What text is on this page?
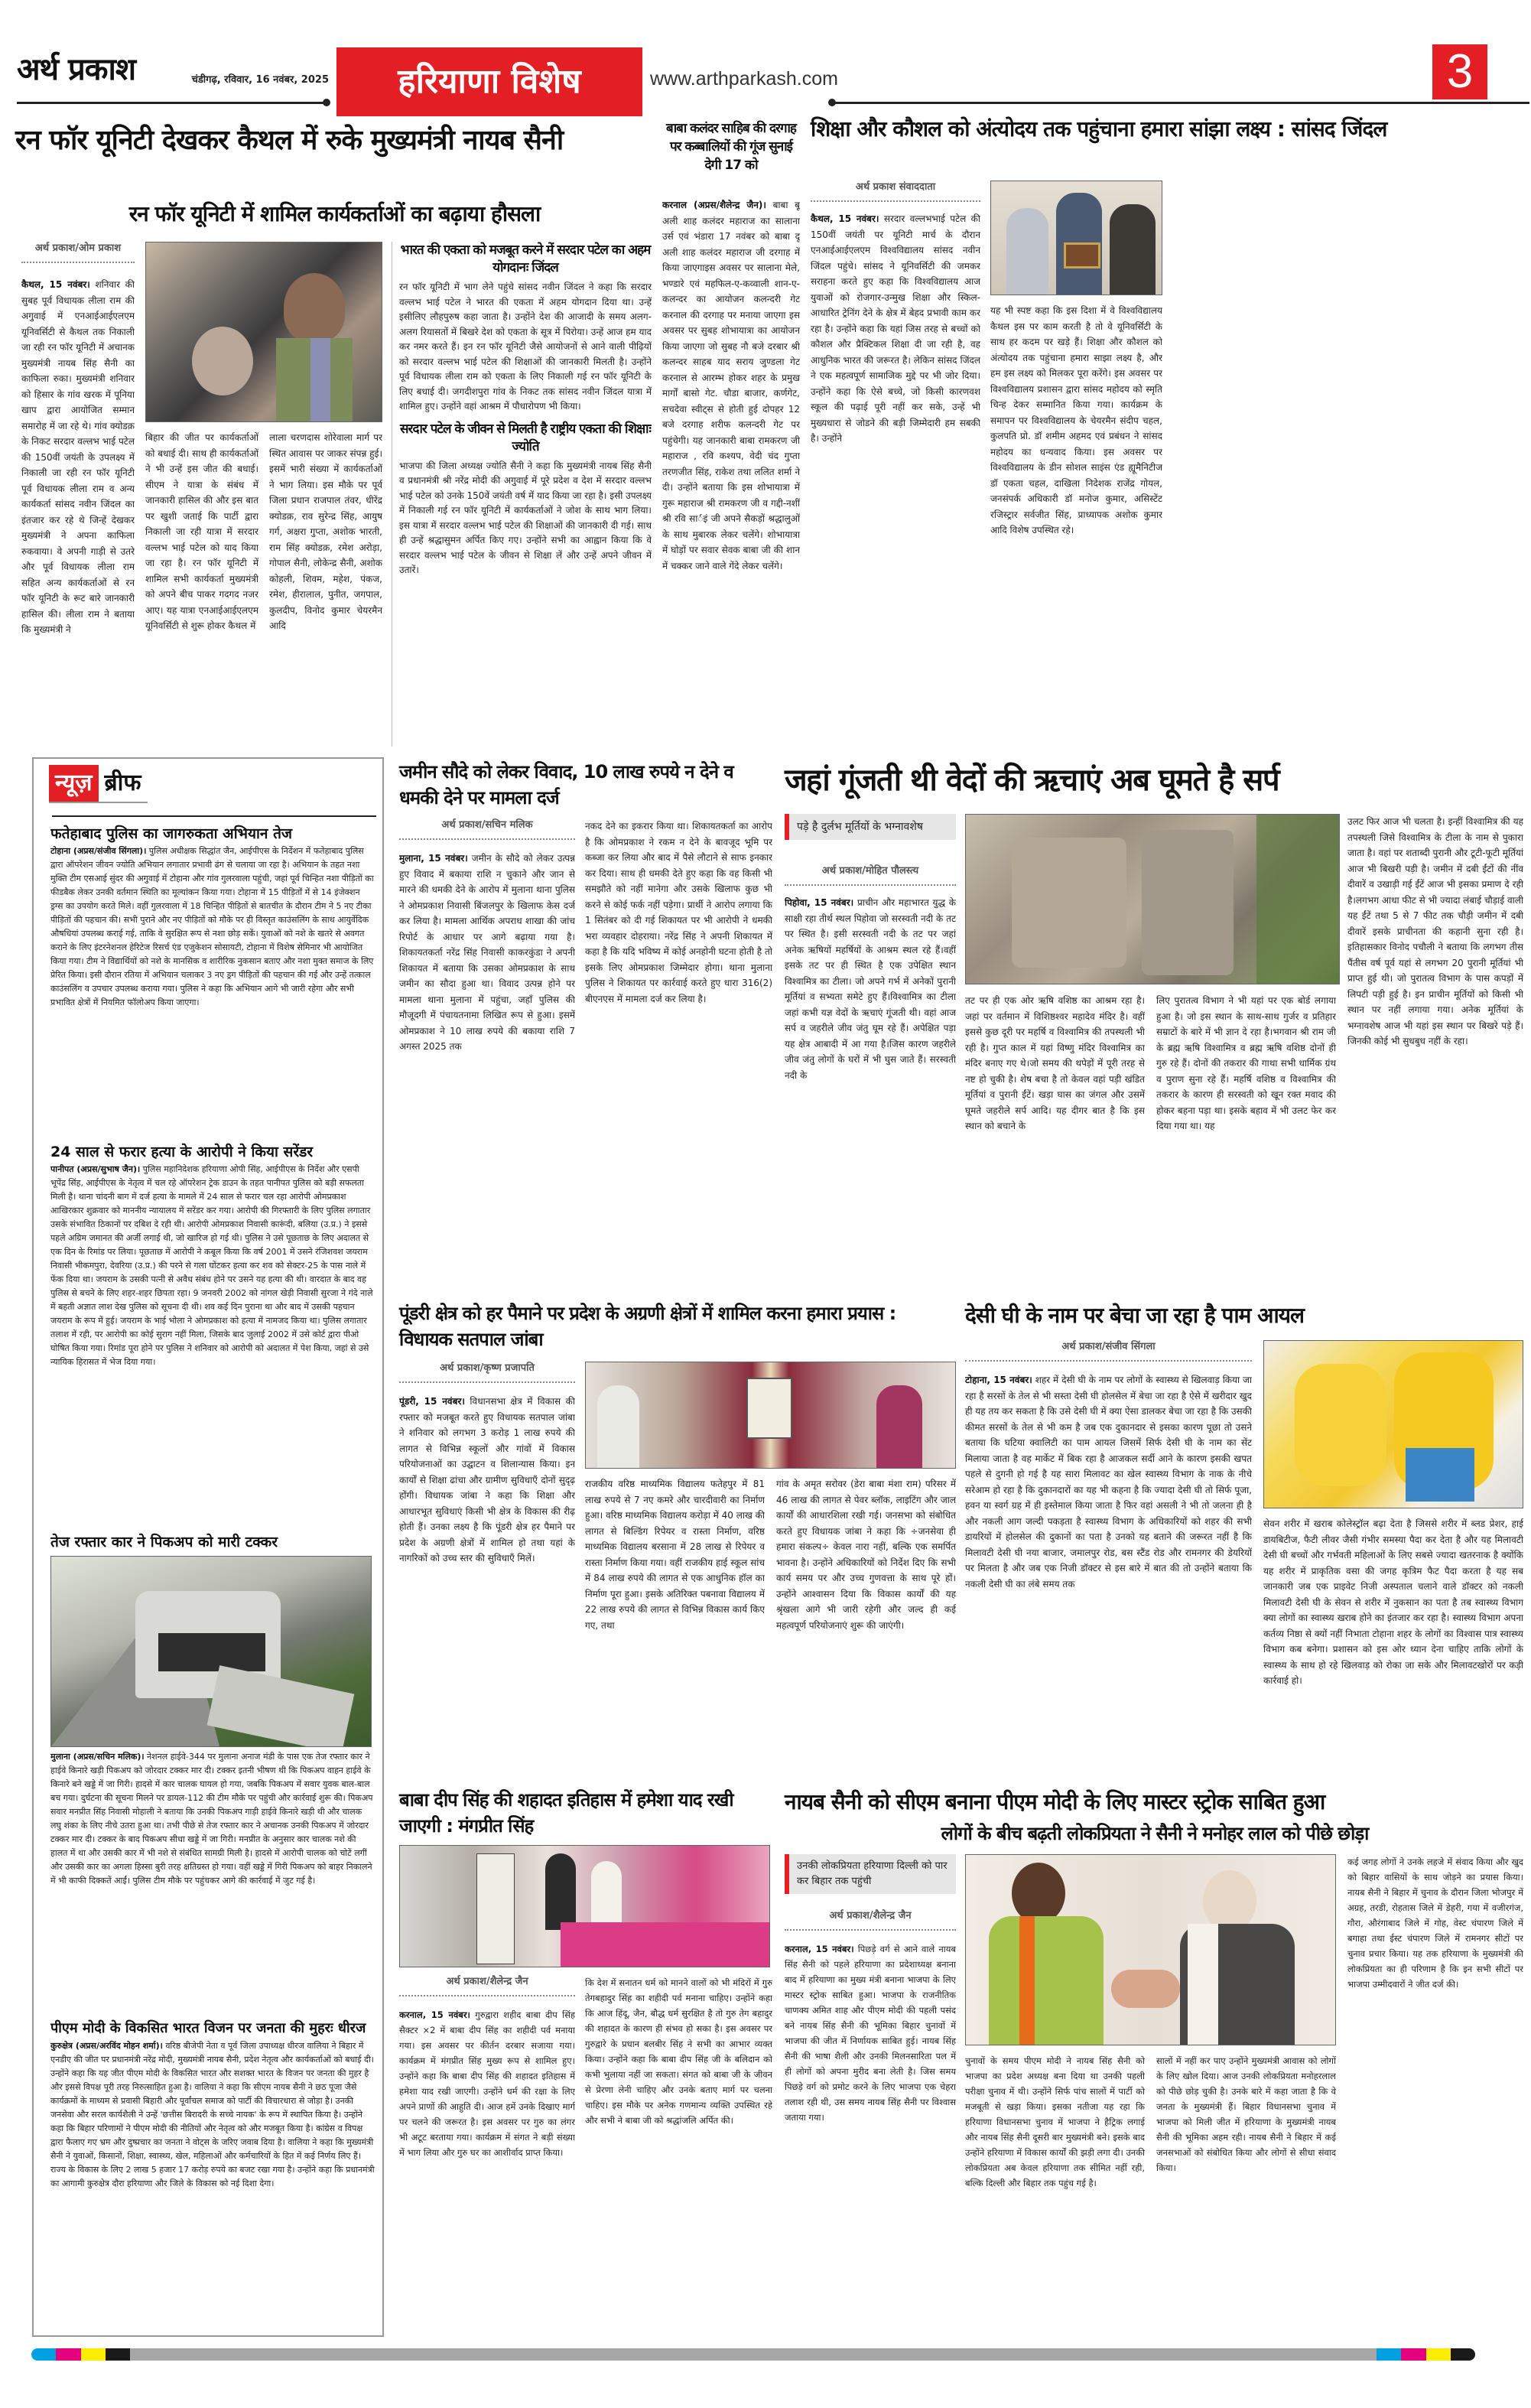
अर्थ प्रकाश	चंडीगढ़, रविवार, 16 नवंबर, 2025	हरियाणा विशेष	www.arthparkash.com	3
रन फॉर यूनिटी देखकर कैथल में रुके मुख्यमंत्री नायब सैनी
रन फॉर यूनिटी में शामिल कार्यकर्ताओं का बढ़ाया हौसला
अर्थ प्रकाश/ओम प्रकाश
कैथल, 15 नवंबर। शनिवार की सुबह पूर्व विधायक लीला राम की अगुवाई में एनआईआईएलएम यूनिवर्सिटी से कैथल तक निकाली जा रही रन फॉर यूनिटी में अचानक मुख्यमंत्री नायब सिंह सैनी का काफिला रुका। मुख्यमंत्री शनिवार को हिसार के गांव खरक में पूनिया खाप द्वारा आयोजित सम्मान समारोह में जा रहे थे। गांव क्योडक़ के निकट सरदार वल्लभ भाई पटेल की 150वीं जयंती के उपलक्ष्य में निकाली जा रही रन फॉर यूनिटी पूर्व विधायक लीला राम व अन्य कार्यकर्ता सांसद नवीन जिंदल का इंतजार कर रहे थे जिन्हें देखकर मुख्यमंत्री ने अपना काफिला रुकवाया। वे अपनी गाड़ी से उतरे और पूर्व विधायक लीला राम सहित अन्य कार्यकर्ताओं से रन फॉर यूनिटी के रूट बारे जानकारी हासिल की। लीला राम ने बताया कि मुख्यमंत्री ने
बिहार की जीत पर कार्यकर्ताओं को बधाई दी। साथ ही कार्यकर्ताओं ने भी उन्हें इस जीत की बधाई। सीएम ने यात्रा के संबंध में जानकारी हासिल की और इस बात पर खुशी जताई कि पार्टी द्वारा निकाली जा रही यात्रा में सरदार वल्लभ भाई पटेल को याद किया जा रहा है। रन फॉर यूनिटी में शामिल सभी कार्यकर्ता मुख्यमंत्री को अपने बीच पाकर गदगद नजर आए। यह यात्रा एनआईआईएलएम यूनिवर्सिटी से शुरू होकर कैथल में
लाला चरणदास शोरेवाला मार्ग पर स्थित आवास पर जाकर संपन्न हुई। इसमें भारी संख्या में कार्यकर्ताओं ने भाग लिया। इस मौके पर पूर्व जिला प्रधान राजपाल तंवर, धीरेंद्र क्योडक़, राव सुरेन्द्र सिंह, आयुष गर्ग, अक्षरा गुप्ता, अशोक भारती, राम सिंह क्योडक़, रमेश अरोड़ा, गोपाल सैनी, लोकेन्द्र सैनी, अशोक कोहली, शिवम, महेश, पंकज, रमेश, हीरालाल, पुनीत, जगपाल, कुलदीप, विनोद कुमार चेयरमैन आदि
भारत की एकता को मजबूत करने में सरदार पटेल का अहम योगदानः जिंदल
रन फॉर यूनिटी में भाग लेने पहुंचे सांसद नवीन जिंदल ने कहा कि सरदार वल्लभ भाई पटेल ने भारत की एकता में अहम योगदान दिया था। उन्हें इसीलिए लौहपुरुष कहा जाता है। उन्होंने देश की आजादी के समय अलग-अलग रियासतों में बिखरे देश को एकता के सूत्र में पिरोया। उन्हें आज हम याद कर नमर करते हैं। इन रन फॉर यूनिटी जैसे आयोजनों से आने वाली पीढ़ियों को सरदार वल्लभ भाई पटेल की शिक्षाओं की जानकारी मिलती है। उन्होंने पूर्व विधायक लीला राम को एकता के लिए निकाली गई रन फॉर यूनिटी के लिए बधाई दी। जगदीशपुरा गांव के निकट तक सांसद नवीन जिंदल यात्रा में शामिल हुए। उन्होंने वहां आश्रम में पौधारोपण भी किया।
सरदार पटेल के जीवन से मिलती है राष्ट्रीय एकता की शिक्षाः ज्योति
भाजपा की जिला अध्यक्ष ज्योति सैनी ने कहा कि मुख्यमंत्री नायब सिंह सैनी व प्रधानमंत्री श्री नरेंद्र मोदी की अगुवाई में पूरे प्रदेश व देश में सरदार वल्लभ भाई पटेल को उनके 150वें जयंती वर्ष में याद किया जा रहा है। इसी उपलक्ष्य में निकाली गई रन फॉर यूनिटी में कार्यकर्ताओं ने जोश के साथ भाग लिया। इस यात्रा में सरदार वल्लभ भाई पटेल की शिक्षाओं की जानकारी दी गई। साथ ही उन्हें श्रद्धासुमन अर्पित किए गए। उन्होंने सभी का आह्वान किया कि वे सरदार वल्लभ भाई पटेल के जीवन से शिक्षा लें और उन्हें अपने जीवन में उतारें।
बाबा कलंदर साहिब की दरगाह पर कब्बालियों की गूंज सुनाई देगी 17 को
करनाल (अप्रस/शैलेन्द्र जैन)। बाबा बू अली शाह कलंदर महाराज का सालाना उर्स एवं भंडारा 17 नवंबर को बाबा दू अली शाह कलंदर महाराज जी दरगाह में किया जाएगाइस अवसर पर सालाना मेले, भण्डारे एवं महफिल-ए-कव्वाली शान-ए-कलन्दर का आयोजन कलन्दरी गेट करनाल की दरगाह पर मनाया जाएगा इस अवसर पर सुबह शोभायात्रा का आयोजन किया जाएगा जो सुबह नौ बजे दरबार श्री कलन्दर साहब याद सराय जुण्डला गेट करनाल से आरम्भ होकर शहर के प्रमुख मार्गों बासो गेट. चौडा बाजार, कर्णगेट, सचदेवा स्वीट्स से होती हुई दोपहर 12 बजे दरगाह शरीफ कलन्दरी गेट पर पहुंचेगी। यह जानकारी बाबा रामकरण जी महाराज , रवि कश्यप, वेदी चंद गुप्ता तरणजीत सिंह, राकेश तथा ललित शर्मा ने दी। उन्होंने बताया कि इस शोभायात्रा में गुरू महाराज श्री रामकरण जी व गद्दी-नशीं श्री रवि सार्इं जी अपने सैकड़ों श्रद्धालुओं के साथ मुबारक लेकर चलेंगे। शोभायात्रा में घोड़ों पर सवार सेवक बाबा जी की शान में चक्कर जाने वाले गेंदे लेकर चलेंगे।
शिक्षा और कौशल को अंत्योदय तक पहुंचाना हमारा सांझा लक्ष्य : सांसद जिंदल
अर्थ प्रकाश संवाददाता
कैथल, 15 नवंबर। सरदार वल्लभभाई पटेल की 150वीं जयंती पर यूनिटी मार्च के दौरान एनआईआईएलएम विश्वविद्यालय सांसद नवीन जिंदल पहुंचे। सांसद ने यूनिवर्सिटी की जमकर सराहना करते हुए कहा कि विश्वविद्यालय आज युवाओं को रोजगार-उन्मुख शिक्षा और स्किल-आधारित ट्रेनिंग देने के क्षेत्र में बेहद प्रभावी काम कर रहा है। उन्होंने कहा कि यहां जिस तरह से बच्चों को कौशल और प्रैक्टिकल शिक्षा दी जा रही है, वह आधुनिक भारत की जरूरत है। लेकिन सांसद जिंदल ने एक महत्वपूर्ण सामाजिक मुद्दे पर भी जोर दिया। उन्होंने कहा कि ऐसे बच्चे, जो किसी कारणवश स्कूल की पढ़ाई पूरी नहीं कर सके, उन्हें भी मुख्यधारा से जोडने की बड़ी जिम्मेदारी हम सबकी है। उन्होंने
यह भी स्पष्ट कहा कि इस दिशा में वे विश्वविद्यालय कैथल इस पर काम करती है तो वे यूनिवर्सिटी के साथ हर कदम पर खड़े हैं। शिक्षा और कौशल को अंत्योदय तक पहुंचाना हमारा साझा लक्ष्य है, और हम इस लक्ष्य को मिलकर पूरा करेंगे। इस अवसर पर विश्वविद्यालय प्रशासन द्वारा सांसद महोदय को स्मृति चिन्ह देकर सम्मानित किया गया। कार्यक्रम के समापन पर विश्वविद्यालय के चेयरमैन संदीप चहल, कुलपति प्रो. डॉ शमीम अहमद एवं प्रबंधन ने सांसद महोदय का धन्यवाद किया। इस अवसर पर विश्वविद्यालय के डीन सोशल साइंस एंड ह्यूमैनिटीज डॉ एकता चहल, दाखिला निदेशक राजेंद्र गोयल, जनसंपर्क अधिकारी डॉ मनोज कुमार, असिस्टेंट रजिस्ट्रार सर्वजीत सिंह, प्राध्यापक अशोक कुमार आदि विशेष उपस्थित रहे।
न्यूज़ ब्रीफ
फतेहाबाद पुलिस का जागरुकता अभियान तेज
टोहाना (अप्रस/संजीव सिंगला)। पुलिस अधीक्षक सिद्धांत जैन, आईपीएस के निर्देशन में फतेहाबाद पुलिस द्वारा ऑपरेशन जीवन ज्योति अभियान लगातार प्रभावी ढंग से चलाया जा रहा है। अभियान के तहत नशा मुक्ति टीम एसआई सुंदर की अगुवाई में टोहाना और गांव गुलरवाला पहुंची, जहां पूर्व चिन्हित नशा पीड़ितों का फीडबैक लेकर उनकी वर्तमान स्थिति का मूल्यांकन किया गया। टोहाना में 15 पीड़ितों में से 14 इंजेक्शन ड्रग्स का उपयोग करते मिले। वहीं गुलरवाला में 18 चिन्हित पीड़ितों से बातचीत के दौरान टीम ने 5 नए टीका पीड़ितों की पहचान की। सभी पुराने और नए पीड़ितों को मौके पर ही विस्तृत काउंसलिंग के साथ आयुर्वेदिक औषधियां उपलब्ध कराई गई, ताकि वे सुरक्षित रूप से नशा छोड़ सकें। युवाओं को नशे के खतरे से अवगत कराने के लिए इंटरनेशनल हेरिटेज रिसर्च एंड एजुकेशन सोसायटी, टोहाना में विशेष सेमिनार भी आयोजित किया गया। टीम ने विद्यार्थियों को नशे के मानसिक व शारीरिक नुकसान बताए और नशा मुक्त समाज के लिए प्रेरित किया। इसी दौरान रतिया में अभियान चलाकर 3 नए ड्रग पीड़ितों की पहचान की गई और उन्हें तत्काल काउंसलिंग व उपचार उपलब्ध कराया गया। पुलिस ने कहा कि अभियान आगे भी जारी रहेगा और सभी प्रभावित क्षेत्रों में नियमित फॉलोअप किया जाएगा।
24 साल से फरार हत्या के आरोपी ने किया सरेंडर
पानीपत (अप्रस/सुभाष जैन)। पुलिस महानिदेशक हरियाणा ओपी सिंह, आईपीएस के निर्देश और एसपी भूपेंद्र सिंह, आईपीएस के नेतृत्व में चल रहे ऑपरेशन ट्रेक डाउन के तहत पानीपत पुलिस को बड़ी सफलता मिली है। थाना चांदनी बाग में दर्ज हत्या के मामले में 24 साल से फरार चल रहा आरोपी ओमप्रकाश आखिरकार शुक्रवार को माननीय न्यायालय में सरेंडर कर गया। आरोपी की गिरफ्तारी के लिए पुलिस लगातार उसके संभावित ठिकानों पर दबिश दे रही थी। आरोपी ओमप्रकाश निवासी कारूंदी, बलिया (उ.प्र.) ने इससे पहले अग्रिम जमानत की अर्जी लगाई थी, जो खारिज हो गई थी। पुलिस ने उसे पूछताछ के लिए अदालत से एक दिन के रिमांड पर लिया। पूछताछ में आरोपी ने कबूल किया कि वर्ष 2001 में उसने रंजिशवश जयराम निवासी भीकमपुरा, देवरिया (उ.प्र.) की परने से गला घोंटकर हत्या कर शव को सेक्टर-25 के पास नाले में फेंक दिया था। जयराम के उसकी पत्नी से अवैध संबंध होने पर उसने यह हत्या की थी। वारदात के बाद वह पुलिस से बचने के लिए शहर-शहर छिपता रहा। 9 जनवरी 2002 को नांगल खेड़ी निवासी सुरजा ने गंदे नाले में बहती अज्ञात लाश देख पुलिस को सूचना दी थी। शव कई दिन पुराना था और बाद में उसकी पहचान जयराम के रूप में हुई। जयराम के भाई भोला ने ओमप्रकाश को हत्या में नामजद किया था। पुलिस लगातार तलाश में रही, पर आरोपी का कोई सुराग नहीं मिला, जिसके बाद जुलाई 2002 में उसे कोर्ट द्वारा पीओ घोषित किया गया। रिमांड पूरा होने पर पुलिस ने शनिवार को आरोपी को अदालत में पेश किया, जहां से उसे न्यायिक हिरासत में भेज दिया गया।
तेज रफ्तार कार ने पिकअप को मारी टक्कर
मुलाना (अप्रस/सचिन मलिक)। नेशनल हाईवे-344 पर मुलाना अनाज मंडी के पास एक तेज रफ्तार कार ने हाईवे किनारे खड़ी पिकअप को जोरदार टक्कर मार दी। टक्कर इतनी भीषण थी कि पिकअप वाहन हाईवे के किनारे बने खड्डे में जा गिरी। हादसे में कार चालक घायल हो गया, जबकि पिकअप में सवार युवक बाल-बाल बच गया। दुर्घटना की सूचना मिलने पर डायल-112 की टीम मौके पर पहुंची और कार्रवाई शुरू की। पिकअप सवार मनप्रीत सिंह निवासी मोहाली ने बताया कि उनकी पिकअप गाड़ी हाईवे किनारे खड़ी थी और चालक लघु शंका के लिए नीचे उतरा हुआ था। तभी पीछे से तेज रफ्तार कार ने अचानक उनकी पिकअप में जोरदार टक्कर मार दी। टक्कर के बाद पिकअप सीधा खड्डे में जा गिरी। मनप्रीत के अनुसार कार चालक नशे की हालत में था और उसकी कार में भी नशे से संबंधित सामग्री मिली है। हादसे में आरोपी चालक को चोटें लगीं और उसकी कार का अगला हिस्सा बुरी तरह क्षतिग्रस्त हो गया। वहीं खड्डे में गिरी पिकअप को बाहर निकालने में भी काफी दिक्कतें आईं। पुलिस टीम मौके पर पहुंचकर आगे की कार्रवाई में जुट गई है।
पीएम मोदी के विकसित भारत विजन पर जनता की मुहरः धीरज
कुरुक्षेत्र (अप्रस/अरविंद मोहन शर्मा)। वरिष्ठ बीजेपी नेता व पूर्व जिला उपाध्यक्ष धीरज वालिया ने बिहार में एनडीए की जीत पर प्रधानमंत्री नरेंद्र मोदी, मुख्यमंत्री नायब सैनी, प्रदेश नेतृत्व और कार्यकर्ताओं को बधाई दी। उन्होंने कहा कि यह जीत पीएम मोदी के विकसित भारत और सशक्त भारत के विजन पर जनता की मुहर है और इससे विपक्ष पूरी तरह निरुत्साहित हुआ है। वालिया ने कहा कि सीएम नायब सैनी ने छठ पूजा जैसे कार्यक्रमों के माध्यम से प्रवासी बिहारी और पूर्वांचल समाज को पार्टी की विचारधारा से जोड़ा है। उनकी जनसेवा और सरल कार्यशैली ने उन्हें 'छत्तीस बिरादरी के सच्चे नायक' के रूप में स्थापित किया है। उन्होंने कहा कि बिहार परिणामों ने पीएम मोदी की नीतियों और नेतृत्व को और मजबूत किया है। कांग्रेस व विपक्ष द्वारा फैलाए गए भ्रम और दुष्प्रचार का जनता ने वोट्स के जरिए जवाब दिया है। वालिया ने कहा कि मुख्यमंत्री सैनी ने युवाओं, किसानों, शिक्षा, स्वास्थ्य, खेल, महिलाओं और कर्मचारियों के हित में कई निर्णय लिए हैं। राज्य के विकास के लिए 2 लाख 5 हजार 17 करोड़ रुपये का बजट रखा गया है। उन्होंने कहा कि प्रधानमंत्री का आगामी कुरुक्षेत्र दौरा हरियाणा और जिले के विकास को नई दिशा देगा।
जमीन सौदे को लेकर विवाद, 10 लाख रुपये न देने व धमकी देने पर मामला दर्ज
अर्थ प्रकाश/सचिन मलिक
मुलाना, 15 नवंबर। जमीन के सौदे को लेकर उत्पन्न हुए विवाद में बकाया राशि न चुकाने और जान से मारने की धमकी देने के आरोप में मुलाना थाना पुलिस ने ओमप्रकाश निवासी बिंजलपुर के खिलाफ केस दर्ज कर लिया है। मामला आर्थिक अपराध शाखा की जांच रिपोर्ट के आधार पर आगे बढ़ाया गया है। शिकायतकर्ता नरेंद्र सिंह निवासी काकरकुंडा ने अपनी शिकायत में बताया कि उसका ओमप्रकाश के साथ जमीन का सौदा हुआ था। विवाद उत्पन्न होने पर मामला थाना मुलाना में पहुंचा, जहाँ पुलिस की मौजूदगी में पंचायतनामा लिखित रूप से हुआ। इसमें ओमप्रकाश ने 10 लाख रुपये की बकाया राशि 7 अगस्त 2025 तक
नकद देने का इकरार किया था। शिकायतकर्ता का आरोप है कि ओमप्रकाश ने रकम न देने के बावजूद भूमि पर कब्जा कर लिया और बाद में पैसे लौटाने से साफ इनकार कर दिया। साथ ही धमकी देते हुए कहा कि वह किसी भी समझौते को नहीं मानेगा और उसके खिलाफ कुछ भी करने से कोई फर्क नहीं पड़ेगा। प्रार्थी ने आरोप लगाया कि 1 सितंबर को दी गई शिकायत पर भी आरोपी ने धमकी भरा व्यवहार दोहराया। नरेंद्र सिंह ने अपनी शिकायत में कहा है कि यदि भविष्य में कोई अनहोनी घटना होती है तो इसके लिए ओमप्रकाश जिम्मेदार होगा। थाना मुलाना पुलिस ने शिकायत पर कार्रवाई करते हुए धारा 316(2) बीएनएस में मामला दर्ज कर लिया है।
जहां गूंजती थी वेदों की ऋचाएं अब घूमते है सर्प
पड़े है दुर्लभ मूर्तियों के भग्नावशेष
अर्थ प्रकाश/मोहित पौलस्त्य
पिहोवा, 15 नवंबर। प्राचीन और महाभारत युद्ध के साक्षी रहा तीर्थ स्थल पिहोवा जो सरस्वती नदी के तट पर स्थित है। इसी सरस्वती नदी के तट पर जहां अनेक ऋषियों महर्षियों के आश्रम स्थल रहे हैं।वहीं इसके तट पर ही स्थित है एक उपेक्षित स्थान विश्वामित्र का टीला। जो अपने गर्भ में अनेकों पुरानी मूर्तियां व सभ्यता समेटे हुए हैं।विश्वामित्र का टीला जहां कभी यज्ञ वेदों के ऋचाएं गूंजती थी। वहां आज सर्प व जहरीले जीव जंतु घूम रहे हैं। अपेक्षित पड़ा यह क्षेत्र आबादी में आ गया है।जिस कारण जहरीले जीव जंतु लोगों के घरों में भी घुस जाते हैं। सरस्वती नदी के
तट पर ही एक ओर ऋषि वशिष्ठ का आश्रम रहा है। जहां पर वर्तमान में विशिष्ठश्वर महादेव मंदिर है। वहीं इससे कुछ दूरी पर महर्षि व विश्वामित्र की तपस्थली भी रही है। गुप्त काल में यहां विष्णु मंदिर विश्वामित्र का मंदिर बनाए गए थे।जो समय की थपेड़ों में पूरी तरह से नष्ट हो चुकी है। शेष बचा है तो केवल वहां पड़ी खंडित मूर्तियां व पुरानी ईंटें। खड़ा घास का जंगल और उसमें घूमते जहरीले सर्प आदि। यह दीगर बात है कि इस स्थान को बचाने के
लिए पुरातत्व विभाग ने भी यहां पर एक बोर्ड लगाया हुआ है। जो इस स्थान के साथ-साथ गुर्जर व प्रतिहार सम्राटों के बारे में भी ज्ञान दे रहा है।भगवान श्री राम जी के ब्रह्म ऋषि विश्वामित्र व ब्रह्म ऋषि वशिष्ठ दोनों ही गुरु रहे हैं। दोनों की तकरार की गाथा सभी धार्मिक ग्रंथ व पुराण सुना रहे हैं। महर्षि वशिष्ठ व विश्वामित्र की तकरार के कारण ही सरस्वती को खून रक्त मवाद की होकर बहना पड़ा था। इसके बहाव में भी उलट फेर कर दिया गया था। यह
उलट फिर आज भी चलता है। इन्हीं विश्वामित्र की यह तपस्थली जिसे विश्वामित्र के टीला के नाम से पुकारा जाता है। वहां पर शताब्दी पुरानी और टूटी-फूटी मूर्तियां आज भी बिखरी पड़ी है। जमीन में दबी ईंटों की नींव दीवारें व उखाड़ी गई ईंटें आज भी इसका प्रमाण दे रही है।लगभग आधा फीट से भी ज्यादा लंबाई चौड़ाई वाली यह ईंटें तथा 5 से 7 फीट तक चौड़ी जमीन में दबी दीवारें इसके प्राचीनता की कहानी सुना रही है। इतिहासकार विनोद पचौली ने बताया कि लगभग तीस पैंतीस वर्ष पूर्व यहां से लगभग 20 पुरानी मूर्तियां भी प्राप्त हुई थी। जो पुरातत्व विभाग के पास कपड़ों में लिपटी पड़ी हुई है। इन प्राचीन मूर्तियों को किसी भी स्थान पर नहीं लगाया गया। अनेक मूर्तियां के भग्नावशेष आज भी यहां इस स्थान पर बिखरे पड़े हैं। जिनकी कोई भी सुधबुध नहीं के रहा।
पूंडरी क्षेत्र को हर पैमाने पर प्रदेश के अग्रणी क्षेत्रों में शामिल करना हमारा प्रयास : विधायक सतपाल जांबा
अर्थ प्रकाश/कृष्ण प्रजापति
पूंडरी, 15 नवंबर। विधानसभा क्षेत्र में विकास की रफ्तार को मजबूत करते हुए विधायक सतपाल जांबा ने शनिवार को लगभग 3 करोड़ 1 लाख रुपये की लागत से विभिन्न स्कूलों और गांवों में विकास परियोजनाओं का उद्घाटन व शिलान्यास किया। इन कार्यों से शिक्षा ढांचा और ग्रामीण सुविधाएँ दोनों सुदृढ़ होंगी। विधायक जांबा ने कहा कि शिक्षा और आधारभूत सुविधाएं किसी भी क्षेत्र के विकास की रीढ़ होती हैं। उनका लक्ष्य है कि पूंडरी क्षेत्र हर पैमाने पर प्रदेश के अग्रणी क्षेत्रों में शामिल हो तथा यहां के नागरिकों को उच्च स्तर की सुविधाएँ मिलें।
राजकीय वरिष्ठ माध्यमिक विद्यालय फतेहपुर में 81 लाख रुपये से 7 नए कमरे और चारदीवारी का निर्माण हुआ। वरिष्ठ माध्यमिक विद्यालय करोड़ा में 40 लाख की लागत से बिल्डिंग रिपेयर व रास्ता निर्माण, वरिष्ठ माध्यमिक विद्यालय बरसाना में 28 लाख से रिपेयर व रास्ता निर्माण किया गया। वहीं राजकीय हाई स्कूल सांच में 84 लाख रुपये की लागत से एक आधुनिक हॉल का निर्माण पूरा हुआ। इसके अतिरिक्त पबनावा विद्यालय में 22 लाख रुपये की लागत से विभिन्न विकास कार्य किए गए, तथा
गांव के अमृत सरोवर (डेरा बाबा मंशा राम) परिसर में 46 लाख की लागत से पेवर ब्लॉक, लाइटिंग और जाल कार्यों की आधारशिला रखी गई। जनसभा को संबोधित करते हुए विधायक जांबा ने कहा कि ÷जनसेवा ही हमारा संकल्प÷ केवल नारा नहीं, बल्कि एक समर्पित भावना है। उन्होंने अधिकारियों को निर्देश दिए कि सभी कार्य समय पर और उच्च गुणवत्ता के साथ पूरे हों। उन्होंने आश्वासन दिया कि विकास कार्यों की यह श्रृंखला आगे भी जारी रहेगी और जल्द ही कई महत्वपूर्ण परियोजनाएं शुरू की जाएंगी।
देसी घी के नाम पर बेचा जा रहा है पाम आयल
अर्थ प्रकाश/संजीव सिंगला
टोहाना, 15 नवंबर। शहर में देसी घी के नाम पर लोगों के स्वास्थ्य से खिलवाड़ किया जा रहा है सरसों के तेल से भी सस्ता देसी घी होलसेल में बेचा जा रहा है ऐसे में खरीदार खुद ही यह तय कर सकता है कि उसे देसी घी में क्या ऐसा डालकर बेचा जा रहा है कि उसकी कीमत सरसों के तेल से भी कम है जब एक दुकानदार से इसका कारण पूछा तो उसने बताया कि घटिया क्वालिटी का पाम आयल जिसमें सिर्फ देसी घी के नाम का सेंट मिलाया जाता है वह मार्केट में बिक रहा है आजकल सर्दी आने के कारण इसकी खपत पहले से दुगनी हो गई है यह सारा मिलावट का खेल स्वास्थ्य विभाग के नाक के नीचे सरेआम हो रहा है कि दुकानदारों का यह भी कहना है कि ज्यादा देसी घी तो सिर्फ पूजा, हवन या स्वर्ग ग्रह में ही इस्तेमाल किया जाता है फिर वहां असली ने भी तो जलना ही है और नकली आग जल्दी पकड़ता है स्वास्थ्य विभाग के अधिकारियों को शहर की सभी डायरियों में होलसेल की दुकानों का पता है उनको यह बताने की जरूरत नहीं है कि मिलावटी देसी घी नया बाजार, जमालपुर रोड, बस स्टैंड रोड और रामनगर की डेयरियों पर मिलता है और जब एक निजी डॉक्टर से इस बारे में बात की तो उन्होंने बताया कि नकली देसी घी का लंबे समय तक
सेवन शरीर में खराब कोलेस्ट्रॉल बढ़ा देता है जिससे शरीर में ब्लड प्रेशर, हाई डायबिटीज, फैटी लीवर जैसी गंभीर समस्या पैदा कर देता है और यह मिलावटी देसी घी बच्चों और गर्भवती महिलाओं के लिए सबसे ज्यादा खतरनाक है क्योंकि यह शरीर में प्राकृतिक वसा की जगह कृत्रिम फैट पैदा करता है यह सब जानकारी जब एक प्राइवेट निजी अस्पताल चलाने वाले डॉक्टर को नकली मिलावटी देसी घी के सेवन से शरीर में नुकसान का पता है तब स्वास्थ्य विभाग क्या लोगों का स्वास्थ्य खराब होने का इंतजार कर रहा है। स्वास्थ्य विभाग अपना कर्तव्य निष्ठा से क्यों नहीं निभाता टोहाना शहर के लोगों का विश्वास पात्र स्वास्थ्य विभाग कब बनेगा। प्रशासन को इस ओर ध्यान देना चाहिए ताकि लोगों के स्वास्थ्य के साथ हो रहे खिलवाड़ को रोका जा सके और मिलावटखोरों पर कड़ी कार्रवाई हो।
बाबा दीप सिंह की शहादत इतिहास में हमेशा याद रखी जाएगी : मंगप्रीत सिंह
अर्थ प्रकाश/शैलेन्द्र जैन
करनाल, 15 नवंबर। गुरुद्वारा शहीद बाबा दीप सिंह सैक्टर ×2 में बाबा दीप सिंह का शहीदी पर्व मनाया गया। इस अवसर पर कीर्तन दरबार सजाया गया। कार्यक्रम में मंगप्रीत सिंह मुख्य रूप से शामिल हुए। उन्होंने कहा कि बाबा दीप सिंह की शहादत इतिहास में हमेशा याद रखी जाएगी। उन्होंने धर्म की रक्षा के लिए अपने प्राणों की आहुति दी। आज हमें उनके दिखाए मार्ग पर चलने की जरूरत है। इस अवसर पर गुरु का लंगर भी अटूट बरताया गया। कार्यक्रम में संगत ने बड़ी संख्या में भाग लिया और गुरु घर का आशीर्वाद प्राप्त किया।
कि देश में सनातन धर्म को मानने वालों को भी मंदिरों में गुरु तेगबहादुर सिंह का शहीदी पर्व मनाना चाहिए। उन्होंने कहा कि आज हिंदू, जैन, बौद्ध धर्म सुरक्षित है तो गुरु तेग बहादुर की शहादत के कारण ही संभव हो सका है। इस अवसर पर गुरुद्वारे के प्रधान बलबीर सिंह ने सभी का आभार व्यक्त किया। उन्होंने कहा कि बाबा दीप सिंह जी के बलिदान को कभी भुलाया नहीं जा सकता। संगत को बाबा जी के जीवन से प्रेरणा लेनी चाहिए और उनके बताए मार्ग पर चलना चाहिए। इस मौके पर अनेक गणमान्य व्यक्ति उपस्थित रहे और सभी ने बाबा जी को श्रद्धांजलि अर्पित की।
नायब सैनी को सीएम बनाना पीएम मोदी के लिए मास्टर स्ट्रोक साबित हुआ
लोगों के बीच बढ़ती लोकप्रियता ने सैनी ने मनोहर लाल को पीछे छोड़ा
उनकी लोकप्रियता हरियाणा दिल्ली को पार कर बिहार तक पहुंची
अर्थ प्रकाश/शैलेन्द्र जैन
करनाल, 15 नवंबर। पिछड़े वर्ग से आने वाले नायब सिंह सैनी को पहले हरियाणा का प्रदेशाध्यक्ष बनाना बाद में हरियाणा का मुख्य मंत्री बनाना भाजपा के लिए मास्टर स्ट्रोक साबित हुआ। भाजपा के राजनीतिक चाणक्य अमित शाह और पीएम मोदी की पहली पसंद बने नायब सिंह सैनी की भूमिका बिहार चुनावों में भाजपा की जीत में निर्णायक साबित हुई। नायब सिंह सैनी की भाषा शैली और उनकी मिलनसारिता पल में ही लोगों को अपना मुरीद बना लेती है। जिस समय पिछड़े वर्ग को प्रमोट करने के लिए भाजपा एक चेहरा तलाश रही थी, उस समय नायब सिंह सैनी पर विश्वास जताया गया।
चुनावों के समय पीएम मोदी ने नायब सिंह सैनी को भाजपा का प्रदेश अध्यक्ष बना दिया था उनकी पहली परीक्षा चुनाव में थी। उन्होंने सिर्फ पांच सालों में पार्टी को मजबूती से खड़ा किया। इसका नतीजा यह रहा कि हरियाणा विधानसभा चुनाव में भाजपा ने हैट्रिक लगाई और नायब सिंह सैनी दूसरी बार मुख्यमंत्री बने। इसके बाद उन्होंने हरियाणा में विकास कार्यों की झड़ी लगा दी। उनकी लोकप्रियता अब केवल हरियाणा तक सीमित नहीं रही, बल्कि दिल्ली और बिहार तक पहुंच गई है।
सालों में नहीं कर पाए उन्होंने मुख्यमंत्री आवास को लोगों के लिए खोल दिया। आज उनकी लोकप्रियता मनोहरलाल को पीछे छोड़ चुकी है। उनके बारे में कहा जाता है कि वे जनता के मुख्यमंत्री हैं। बिहार विधानसभा चुनाव में भाजपा को मिली जीत में हरियाणा के मुख्यमंत्री नायब सैनी की भूमिका अहम रही। नायब सैनी ने बिहार में कई जनसभाओं को संबोधित किया और लोगों से सीधा संवाद किया।
कई जगह लोगों ने उनके लहजे में संवाद किया और खुद को बिहार वासियों के साथ जोड़ने का प्रयास किया। नायब सैनी ने बिहार में चुनाव के दौरान जिला भोजपुर में अग्रह, तरडी, रोहतास जिले में डेहरी, गया में वजीरगंज, गौरा, औरंगाबाद जिले में गोह, वेस्ट चंपारण जिले में बगाहा तथा ईस्ट चंपारण जिले में रामनगर सीटों पर चुनाव प्रचार किया। यह तक हरियाणा के मुख्यमंत्री की लोकप्रियता का ही परिणाम है कि इन सभी सीटों पर भाजपा उम्मीदवारों ने जीत दर्ज की।
